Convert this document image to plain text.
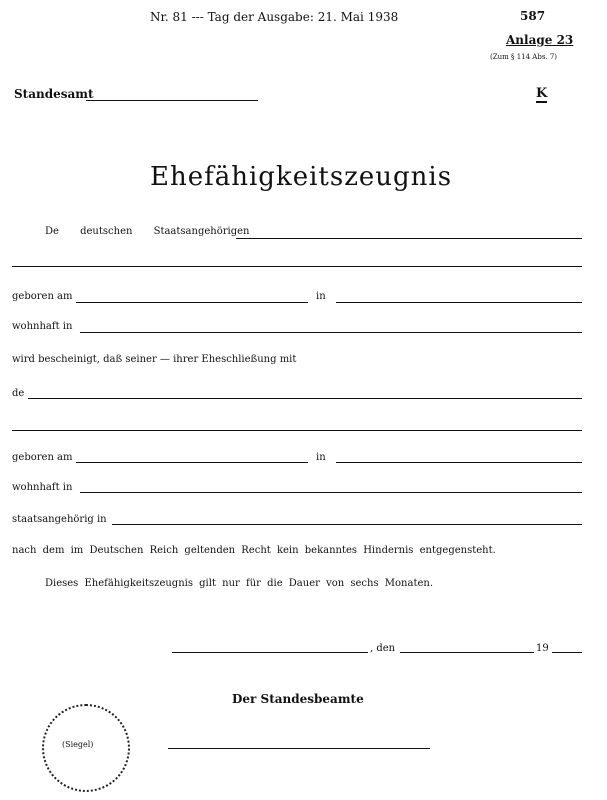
Nr. 81 --- Tag der Ausgabe: 21. Mai 1938	587
Anlage 23
(Zum § 114 Abs. 7)
Standesamt	K
Ehefähigkeitszeugnis
De deutschen Staatsangehörigen
geboren am	in
wohnhaft in
wird bescheinigt, daß seiner — ihrer Eheschließung mit
de
geboren am	in
wohnhaft in
staatsangehörig in
nach dem im Deutschen Reich geltenden Recht kein bekanntes Hindernis entgegensteht.
Dieses Ehefähigkeitszeugnis gilt nur für die Dauer von sechs Monaten.
, den	19
Der Standesbeamte
(Siegel)
